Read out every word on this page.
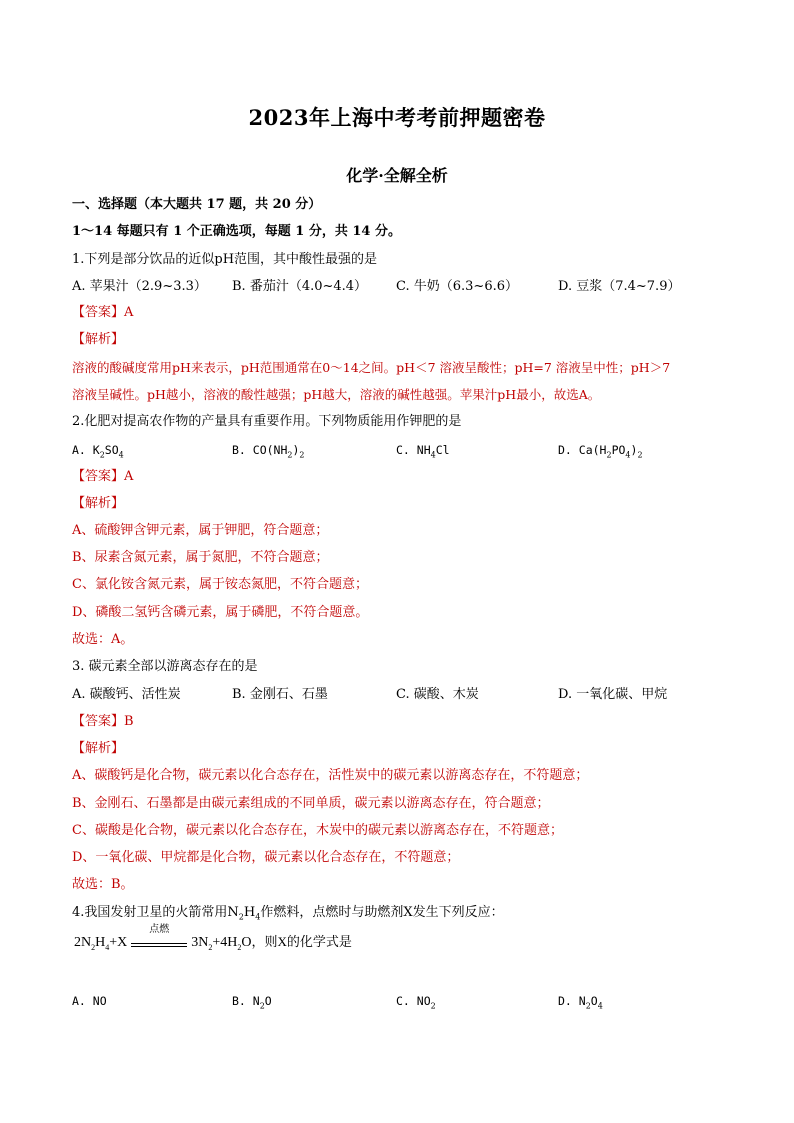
2023年上海中考考前押题密卷
化学·全解全析
一、选择题（本大题共 17 题，共 20 分）
1～14 每题只有 1 个正确选项，每题 1 分，共 14 分。
1.下列是部分饮品的近似pH范围，其中酸性最强的是
A. 苹果汁（2.9~3.3） B. 番茄汁（4.0~4.4） C. 牛奶（6.3~6.6）	D. 豆浆（7.4~7.9）
【答案】A
【解析】
溶液的酸碱度常用pH来表示，pH范围通常在0～14之间。pH＜7 溶液呈酸性；pH=7 溶液呈中性；pH＞7
溶液呈碱性。pH越小，溶液的酸性越强；pH越大，溶液的碱性越强。苹果汁pH最小，故选A。
2.化肥对提高农作物的产量具有重要作用。下列物质能用作钾肥的是
A. $K_2SO_4$	B. $CO(NH_2)_2$	C. $NH_4Cl$	D. $Ca(H_2PO_4)_2$
【答案】A
【解析】
A、硫酸钾含钾元素，属于钾肥，符合题意；
B、尿素含氮元素，属于氮肥，不符合题意；
C、氯化铵含氮元素，属于铵态氮肥，不符合题意；
D、磷酸二氢钙含磷元素，属于磷肥，不符合题意。
故选：A。
3. 碳元素全部以游离态存在的是
A. 碳酸钙、活性炭	B. 金刚石、石墨	C. 碳酸、木炭	D. 一氧化碳、甲烷
【答案】B
【解析】
A、碳酸钙是化合物，碳元素以化合态存在，活性炭中的碳元素以游离态存在，不符题意；
B、金刚石、石墨都是由碳元素组成的不同单质，碳元素以游离态存在，符合题意；
C、碳酸是化合物，碳元素以化合态存在，木炭中的碳元素以游离态存在，不符题意；
D、一氧化碳、甲烷都是化合物，碳元素以化合态存在，不符题意；
故选：B。
4.我国发射卫星的火箭常用$N_2H_4$作燃料，点燃时与助燃剂X发生下列反应：
$2N_2H_4+X$
点燃
$3N_2+4H_2O$，则X的化学式是
A. NO	B. $N_2O$	C. $NO_2$	D. $N_2O_4$
